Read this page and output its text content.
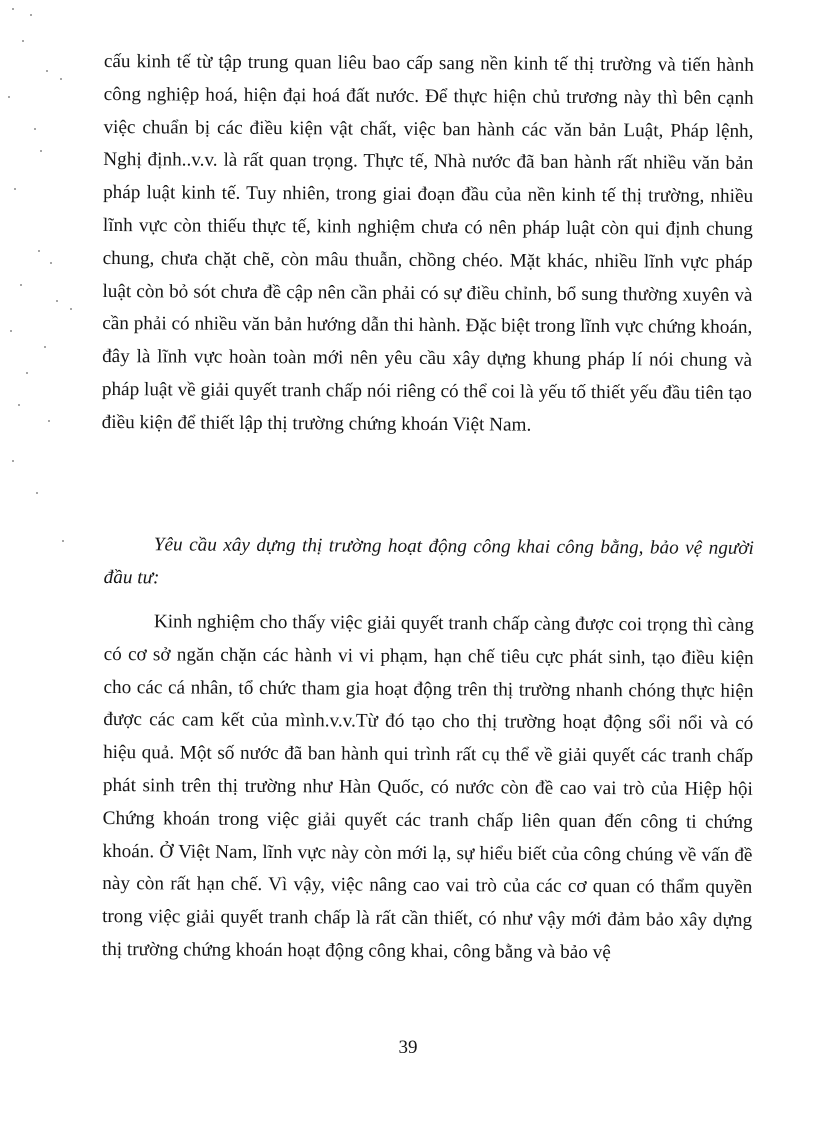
cấu kinh tế từ tập trung quan liêu bao cấp sang nền kinh tế thị trường và tiến hành công nghiệp hoá, hiện đại hoá đất nước. Để thực hiện chủ trương này thì bên cạnh việc chuẩn bị các điều kiện vật chất, việc ban hành các văn bản Luật, Pháp lệnh, Nghị định..v.v. là rất quan trọng. Thực tế, Nhà nước đã ban hành rất nhiều văn bản pháp luật kinh tế. Tuy nhiên, trong giai đoạn đầu của nền kinh tế thị trường, nhiều lĩnh vực còn thiếu thực tế, kinh nghiệm chưa có nên pháp luật còn qui định chung chung, chưa chặt chẽ, còn mâu thuẫn, chồng chéo. Mặt khác, nhiều lĩnh vực pháp luật còn bỏ sót chưa đề cập nên cần phải có sự điều chỉnh, bổ sung thường xuyên và cần phải có nhiều văn bản hướng dẫn thi hành. Đặc biệt trong lĩnh vực chứng khoán, đây là lĩnh vực hoàn toàn mới nên yêu cầu xây dựng khung pháp lí nói chung và pháp luật về giải quyết tranh chấp nói riêng có thể coi là yếu tố thiết yếu đầu tiên tạo điều kiện để thiết lập thị trường chứng khoán Việt Nam.

Yêu cầu xây dựng thị trường hoạt động công khai công bằng, bảo vệ người đầu tư:

Kinh nghiệm cho thấy việc giải quyết tranh chấp càng được coi trọng thì càng có cơ sở ngăn chặn các hành vi vi phạm, hạn chế tiêu cực phát sinh, tạo điều kiện cho các cá nhân, tổ chức tham gia hoạt động trên thị trường nhanh chóng thực hiện được các cam kết của mình.v.v.Từ đó tạo cho thị trường hoạt động sổi nổi và có hiệu quả. Một số nước đã ban hành qui trình rất cụ thể về giải quyết các tranh chấp phát sinh trên thị trường như Hàn Quốc, có nước còn đề cao vai trò của Hiệp hội Chứng khoán trong việc giải quyết các tranh chấp liên quan đến công ti chứng khoán. Ở Việt Nam, lĩnh vực này còn mới lạ, sự hiểu biết của công chúng về vấn đề này còn rất hạn chế. Vì vậy, việc nâng cao vai trò của các cơ quan có thẩm quyền trong việc giải quyết tranh chấp là rất cần thiết, có như vậy mới đảm bảo xây dựng thị trường chứng khoán hoạt động công khai, công bằng và bảo vệ

39
